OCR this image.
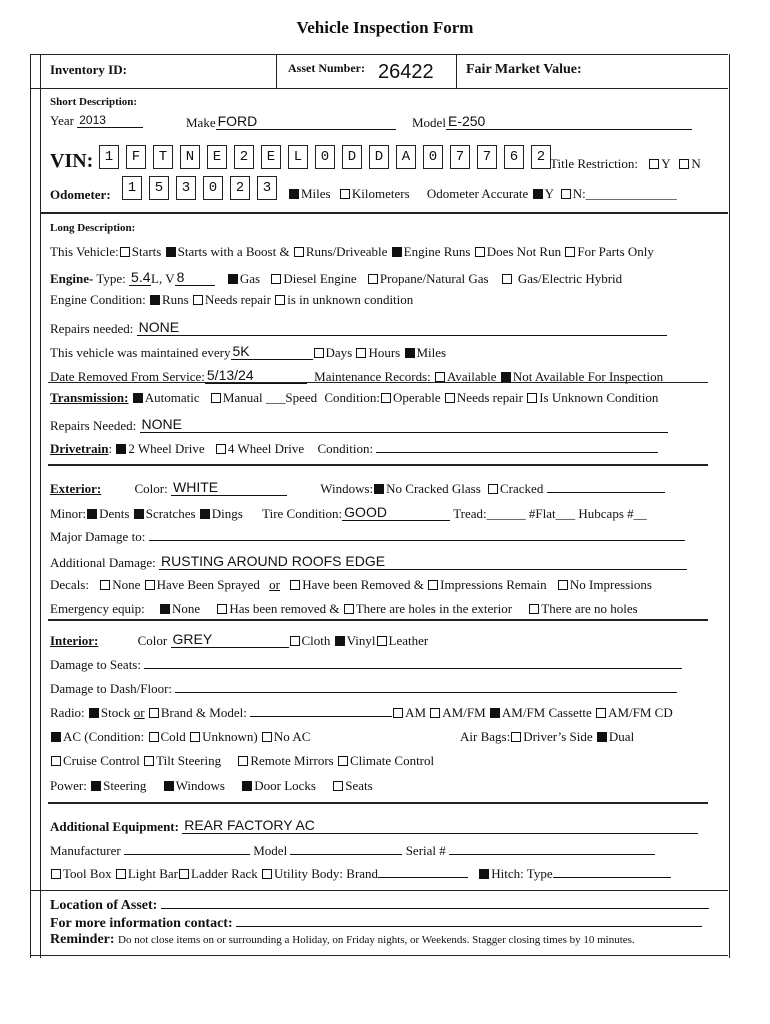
Vehicle Inspection Form
Inventory ID:	Asset Number: 26422 Fair Market Value:
Short Description:
Year 2013	Make FORD	Model E-250
VIN: 1 F T N E 2 E L 0 D D A 0 7 7 6 2 Title Restriction: Y N
Odometer:	1 5 3 0 2 3	Miles Kilometers Odometer Accurate Y N:______________
Long Description:
This Vehicle: Starts Starts with a Boost & Runs/Driveable Engine Runs Does Not Run For Parts Only
Engine- Type: 5.4 L, V 8	Gas Diesel Engine Propane/Natural Gas Gas/Electric Hybrid
Engine Condition: Runs Needs repair is in unknown condition
Repairs needed: NONE
This vehicle was maintained every 5K	Days Hours Miles
Date Removed From Service: 5/13/24	Maintenance Records: Available Not Available For Inspection
Transmission: Automatic Manual ___Speed Condition: Operable Needs repair Is Unknown Condition
Repairs Needed: NONE
Drivetrain: 2 Wheel Drive 4 Wheel Drive Condition:
Exterior:	Color: WHITE	Windows: No Cracked Glass Cracked
Minor: Dents Scratches Dings Tire Condition: GOOD	Tread:______ #Flat___ Hubcaps #__
Major Damage to:
Additional Damage: RUSTING AROUND ROOFS EDGE
Decals: None Have Been Sprayed or Have been Removed & Impressions Remain No Impressions
Emergency equip: None Has been removed & There are holes in the exterior There are no holes
Interior:	Color GREY	Cloth Vinyl Leather
Damage to Seats:
Damage to Dash/Floor:
Radio: Stock or Brand & Model:	AM AM/FM AM/FM Cassette AM/FM CD
AC (Condition: Cold Unknown) No AC	Air Bags: Driver’s Side Dual
Cruise Control Tilt Steering Remote Mirrors Climate Control
Power: Steering Windows Door Locks Seats
Additional Equipment: REAR FACTORY AC
Manufacturer	Model	Serial #
Tool Box Light Bar Ladder Rack Utility Body: Brand	Hitch: Type
Location of Asset:
For more information contact:
Reminder: Do not close items on or surrounding a Holiday, on Friday nights, or Weekends. Stagger closing times by 10 minutes.
